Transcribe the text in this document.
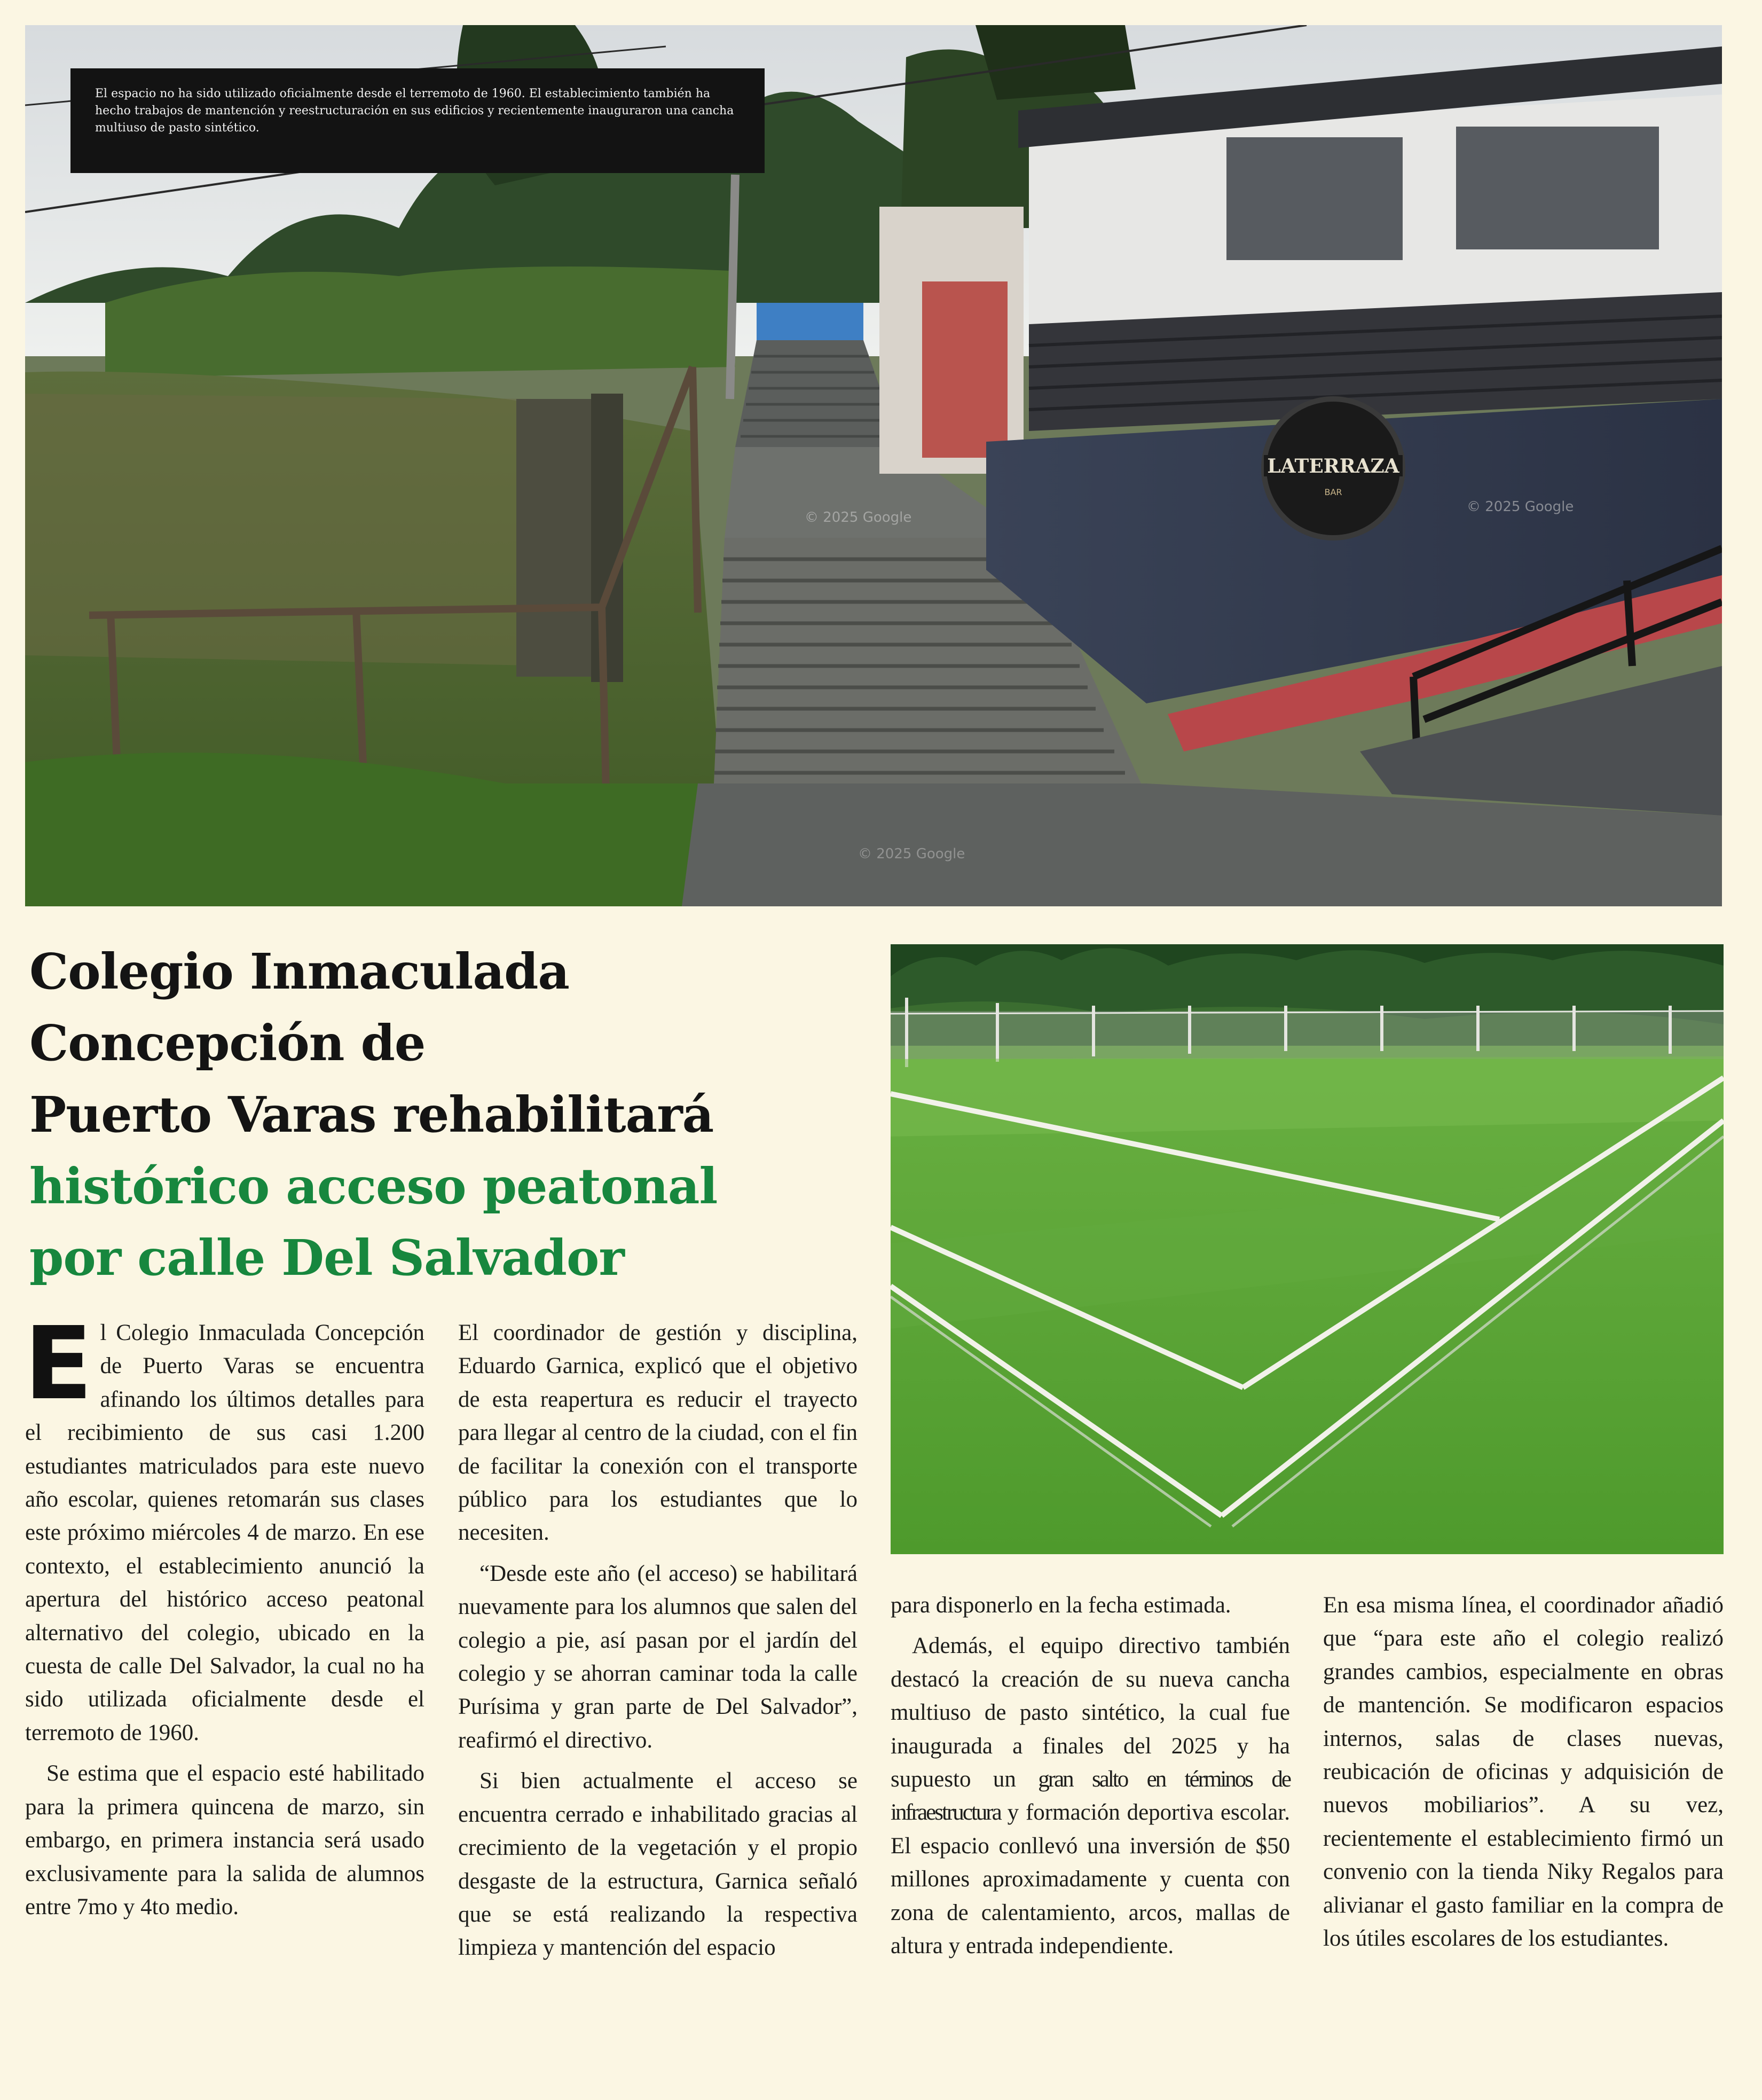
LATERRAZA
BAR
© 2025 Google
© 2025 Google
© 2025 Google
El espacio no ha sido utilizado oficialmente desde el terremoto de 1960. El establecimiento también ha hecho trabajos de mantención y reestructuración en sus edificios y recientemente inauguraron una cancha multiuso de pasto sintético.
Colegio Inmaculada
Concepción de
Puerto Varas rehabilitará
histórico acceso peatonal
por calle Del Salvador

El Colegio Inmaculada Concepción de Puerto Varas se encuentra afinando los últimos detalles para el recibimiento de sus casi 1.200 estudiantes matriculados para este nuevo año escolar, quienes retomarán sus clases este próximo miércoles 4 de marzo. En ese contexto, el establecimiento anunció la apertura del histórico acceso peatonal alternativo del colegio, ubicado en la cuesta de calle Del Salvador, la cual no ha sido utilizada oficialmente desde el terremoto de 1960.

Se estima que el espacio esté habilitado para la primera quincena de marzo, sin embargo, en primera instancia será usado exclusivamente para la salida de alumnos entre 7mo y 4to medio.

El coordinador de gestión y disciplina, Eduardo Garnica, explicó que el objetivo de esta reapertura es reducir el trayecto para llegar al centro de la ciudad, con el fin de facilitar la conexión con el transporte público para los estudiantes que lo necesiten.

“Desde este año (el acceso) se habilitará nuevamente para los alumnos que salen del colegio a pie, así pasan por el jardín del colegio y se ahorran caminar toda la calle Purísima y gran parte de Del Salvador”, reafirmó el directivo.

Si bien actualmente el acceso se encuentra cerrado e inhabilitado gracias al crecimiento de la vegetación y el propio desgaste de la estructura, Garnica señaló que se está realizando la respectiva limpieza y mantención del espacio

para disponerlo en la fecha estimada.

Además, el equipo directivo también destacó la creación de su nueva cancha multiuso de pasto sintético, la cual fue inaugurada a finales del 2025 y ha supuesto un gran salto en términos de infraestructura y formación deportiva escolar. El espacio conllevó una inversión de $50 millones aproximadamente y cuenta con zona de calentamiento, arcos, mallas de altura y entrada independiente.

En esa misma línea, el coordinador añadió que “para este año el colegio realizó grandes cambios, especialmente en obras de mantención. Se modificaron espacios internos, salas de clases nuevas, reubicación de oficinas y adquisición de nuevos mobiliarios”. A su vez, recientemente el establecimiento firmó un convenio con la tienda Niky Regalos para alivianar el gasto familiar en la compra de los útiles escolares de los estudiantes.
